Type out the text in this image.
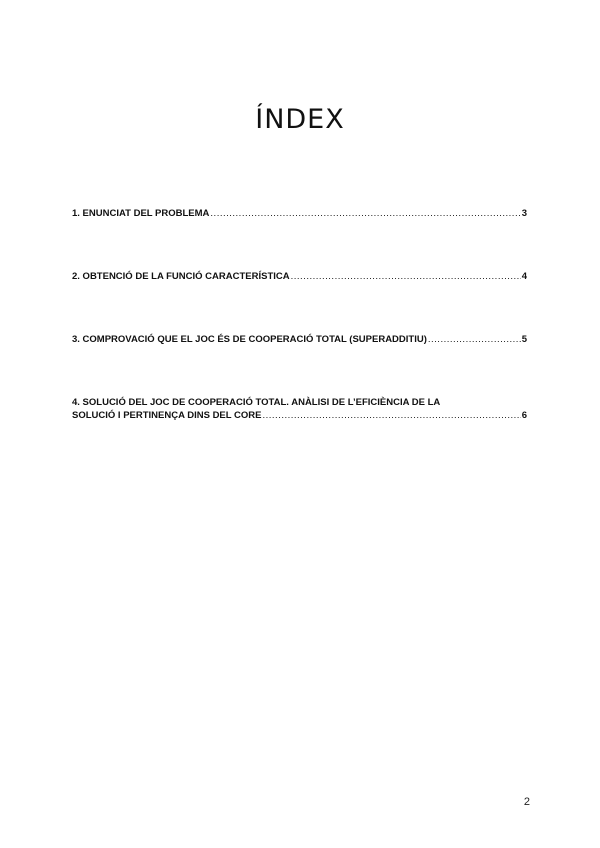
ÍNDEX
1. ENUNCIAT DEL PROBLEMA .....	3
2. OBTENCIÓ DE LA FUNCIÓ CARACTERÍSTICA .....	4
3. COMPROVACIÓ QUE EL JOC ÉS DE COOPERACIÓ TOTAL (SUPERADDITIU) .....	5
4. SOLUCIÓ DEL JOC DE COOPERACIÓ TOTAL. ANÀLISI DE L’EFICIÈNCIA DE LA
SOLUCIÓ I PERTINENÇA DINS DEL CORE .....	6
2
